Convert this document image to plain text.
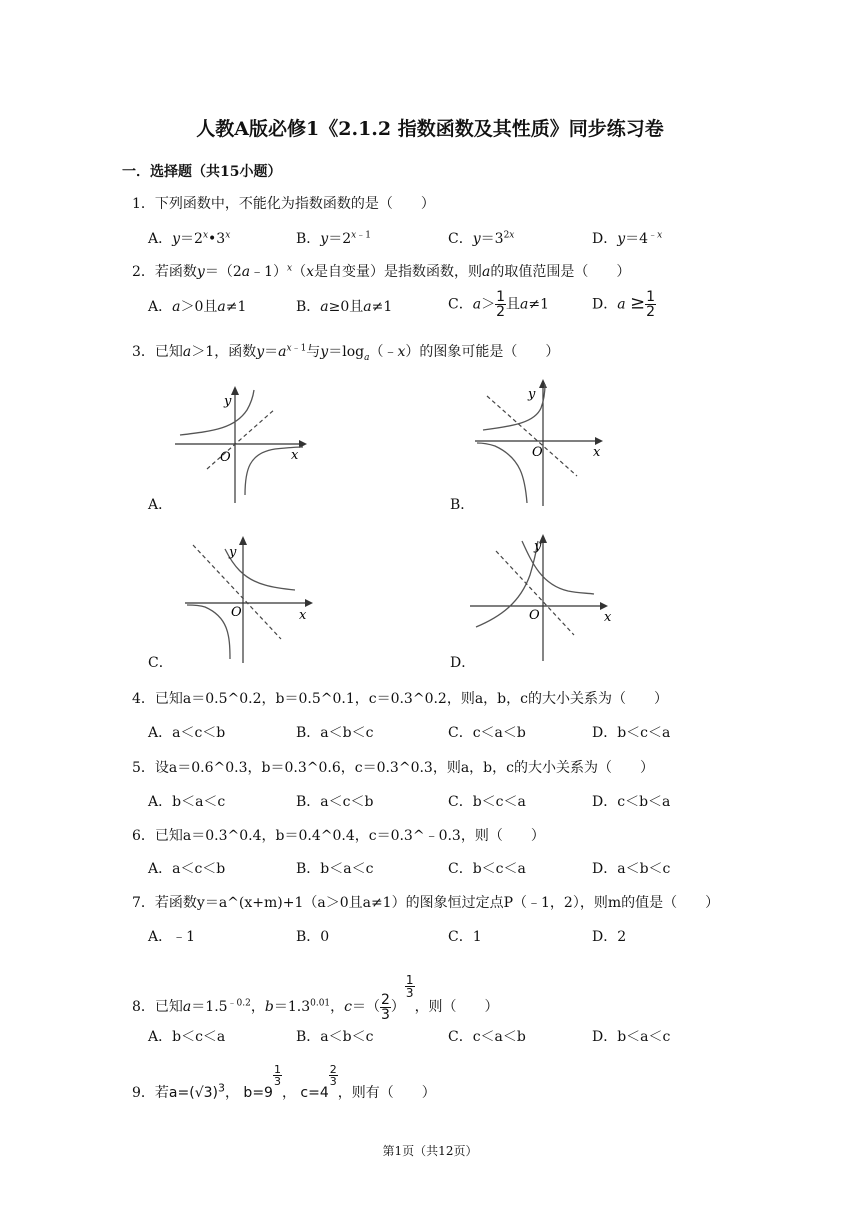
人教A版必修1《2.1.2 指数函数及其性质》同步练习卷
一．选择题（共15小题）
1．下列函数中，不能化为指数函数的是（　　）
A．$y=2^x•3^x$	B．$y=2^{x﹣1}$	C．$y=3^{2x}$	D．$y=4^{﹣x}$
2．若函数y＝（2a﹣1）$^x$（x是自变量）是指数函数，则a的取值范围是（　　）
A．a＞0且a≠1	B．a≥0且a≠1	C．$a> \frac{1}{2}$ 且a≠1	D．$a \ge \frac{1}{2}$
3．已知a＞1，函数$y=a^{x﹣1}$与$y=\log_a(﹣x)$的图象可能是（　　）
x
y
O
A．
x
y
O
B．
x
y
O
C．
x
y
O
D．
4．已知a＝0.5^0.2，b＝0.5^0.1，c＝0.3^0.2，则a，b，c的大小关系为（　　）
A．a＜c＜b	B．a＜b＜c	C．c＜a＜b	D．b＜c＜a
5．设a＝0.6^0.3，b＝0.3^0.6，c＝0.3^0.3，则a，b，c的大小关系为（　　）
A．b＜a＜c	B．a＜c＜b	C．b＜c＜a	D．c＜b＜a
6．已知a＝0.3^0.4，b＝0.4^0.4，c＝0.3^﹣0.3，则（　　）
A．a＜c＜b	B．b＜a＜c	C．b＜c＜a	D．a＜b＜c
7．若函数y＝a^(x+m)+1（a＞0且a≠1）的图象恒过定点P（﹣1，2），则m的值是（　　）
A．﹣1	B．0	C．1	D．2
8．已知$a=1.5^{﹣0.2}$，$b=1.3^{0.01}$，$c=( \frac{2}{3}$ ）
$\frac{1}{3}$
，则（　　）
A．b＜c＜a	B．a＜b＜c	C．c＜a＜b	D．b＜a＜c
9．若$a=(√3)^3$， b=9
$\frac{1}{3}$
， c=4
$\frac{2}{3}$
，则有（　　）
第1页（共12页）
